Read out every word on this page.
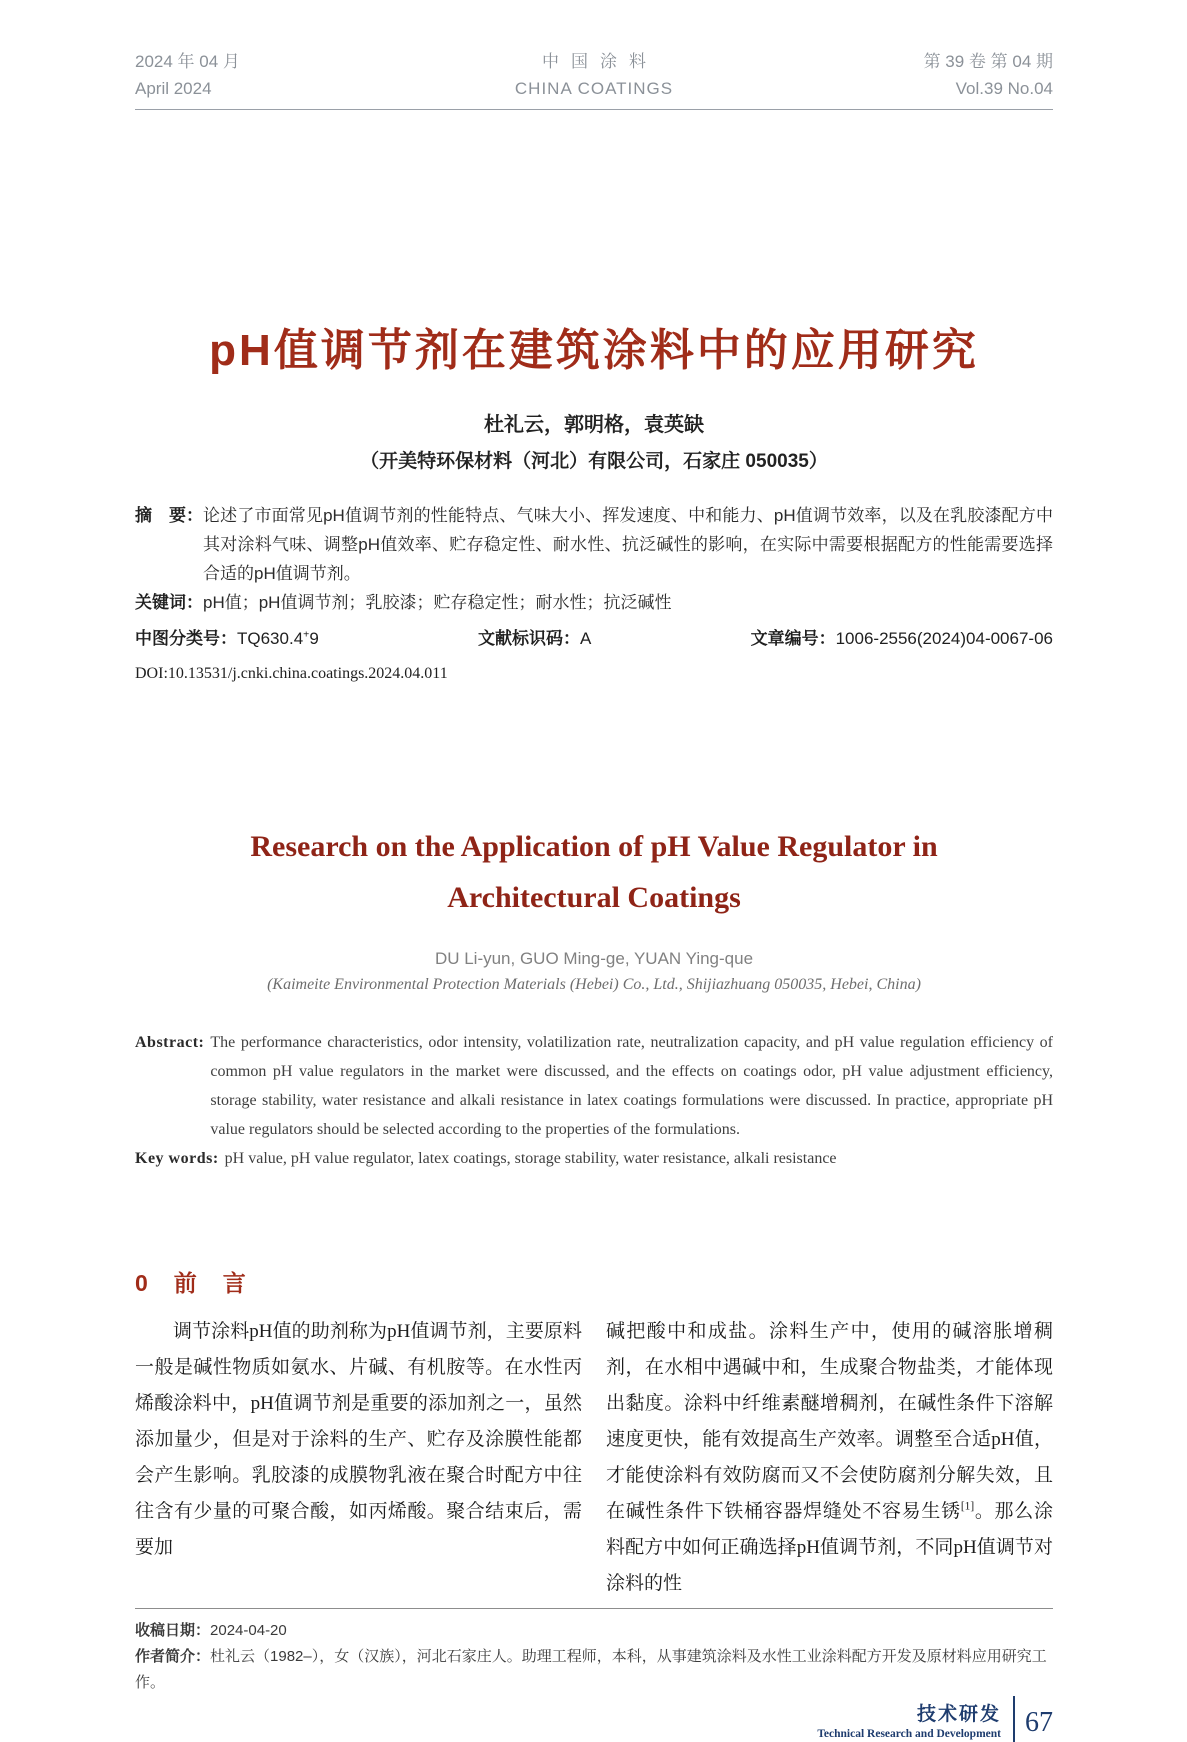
2024 年 04 月
April 2024
中国涂料
CHINA COATINGS
第 39 卷 第 04 期
Vol.39 No.04
pH值调节剂在建筑涂料中的应用研究
杜礼云，郭明格，袁英缺
（开美特环保材料（河北）有限公司，石家庄 050035）
摘　要： 论述了市面常见pH值调节剂的性能特点、气味大小、挥发速度、中和能力、pH值调节效率，以及在乳胶漆配方中其对涂料气味、调整pH值效率、贮存稳定性、耐水性、抗泛碱性的影响，在实际中需要根据配方的性能需要选择合适的pH值调节剂。
关键词： pH值；pH值调节剂；乳胶漆；贮存稳定性；耐水性；抗泛碱性
中图分类号：TQ630.4+9	文献标识码：A	文章编号：1006-2556(2024)04-0067-06
DOI:10.13531/j.cnki.china.coatings.2024.04.011
Research on the Application of pH Value Regulator in Architectural Coatings
DU Li-yun, GUO Ming-ge, YUAN Ying-que
(Kaimeite Environmental Protection Materials (Hebei) Co., Ltd., Shijiazhuang 050035, Hebei, China)
Abstract: The performance characteristics, odor intensity, volatilization rate, neutralization capacity, and pH value regulation efficiency of common pH value regulators in the market were discussed, and the effects on coatings odor, pH value adjustment efficiency, storage stability, water resistance and alkali resistance in latex coatings formulations were discussed. In practice, appropriate pH value regulators should be selected according to the properties of the formulations.
Key words: pH value, pH value regulator, latex coatings, storage stability, water resistance, alkali resistance
0 前言

调节涂料pH值的助剂称为pH值调节剂，主要原料一般是碱性物质如氨水、片碱、有机胺等。在水性丙烯酸涂料中，pH值调节剂是重要的添加剂之一，虽然添加量少，但是对于涂料的生产、贮存及涂膜性能都会产生影响。乳胶漆的成膜物乳液在聚合时配方中往往含有少量的可聚合酸，如丙烯酸。聚合结束后，需要加

碱把酸中和成盐。涂料生产中，使用的碱溶胀增稠剂，在水相中遇碱中和，生成聚合物盐类，才能体现出黏度。涂料中纤维素醚增稠剂，在碱性条件下溶解速度更快，能有效提高生产效率。调整至合适pH值，才能使涂料有效防腐而又不会使防腐剂分解失效，且在碱性条件下铁桶容器焊缝处不容易生锈[1]。那么涂料配方中如何正确选择pH值调节剂，不同pH值调节对涂料的性
收稿日期：2024-04-20
作者简介：杜礼云（1982–），女（汉族），河北石家庄人。助理工程师，本科，从事建筑涂料及水性工业涂料配方开发及原材料应用研究工作。
技术研发
Technical Research and Development 67
